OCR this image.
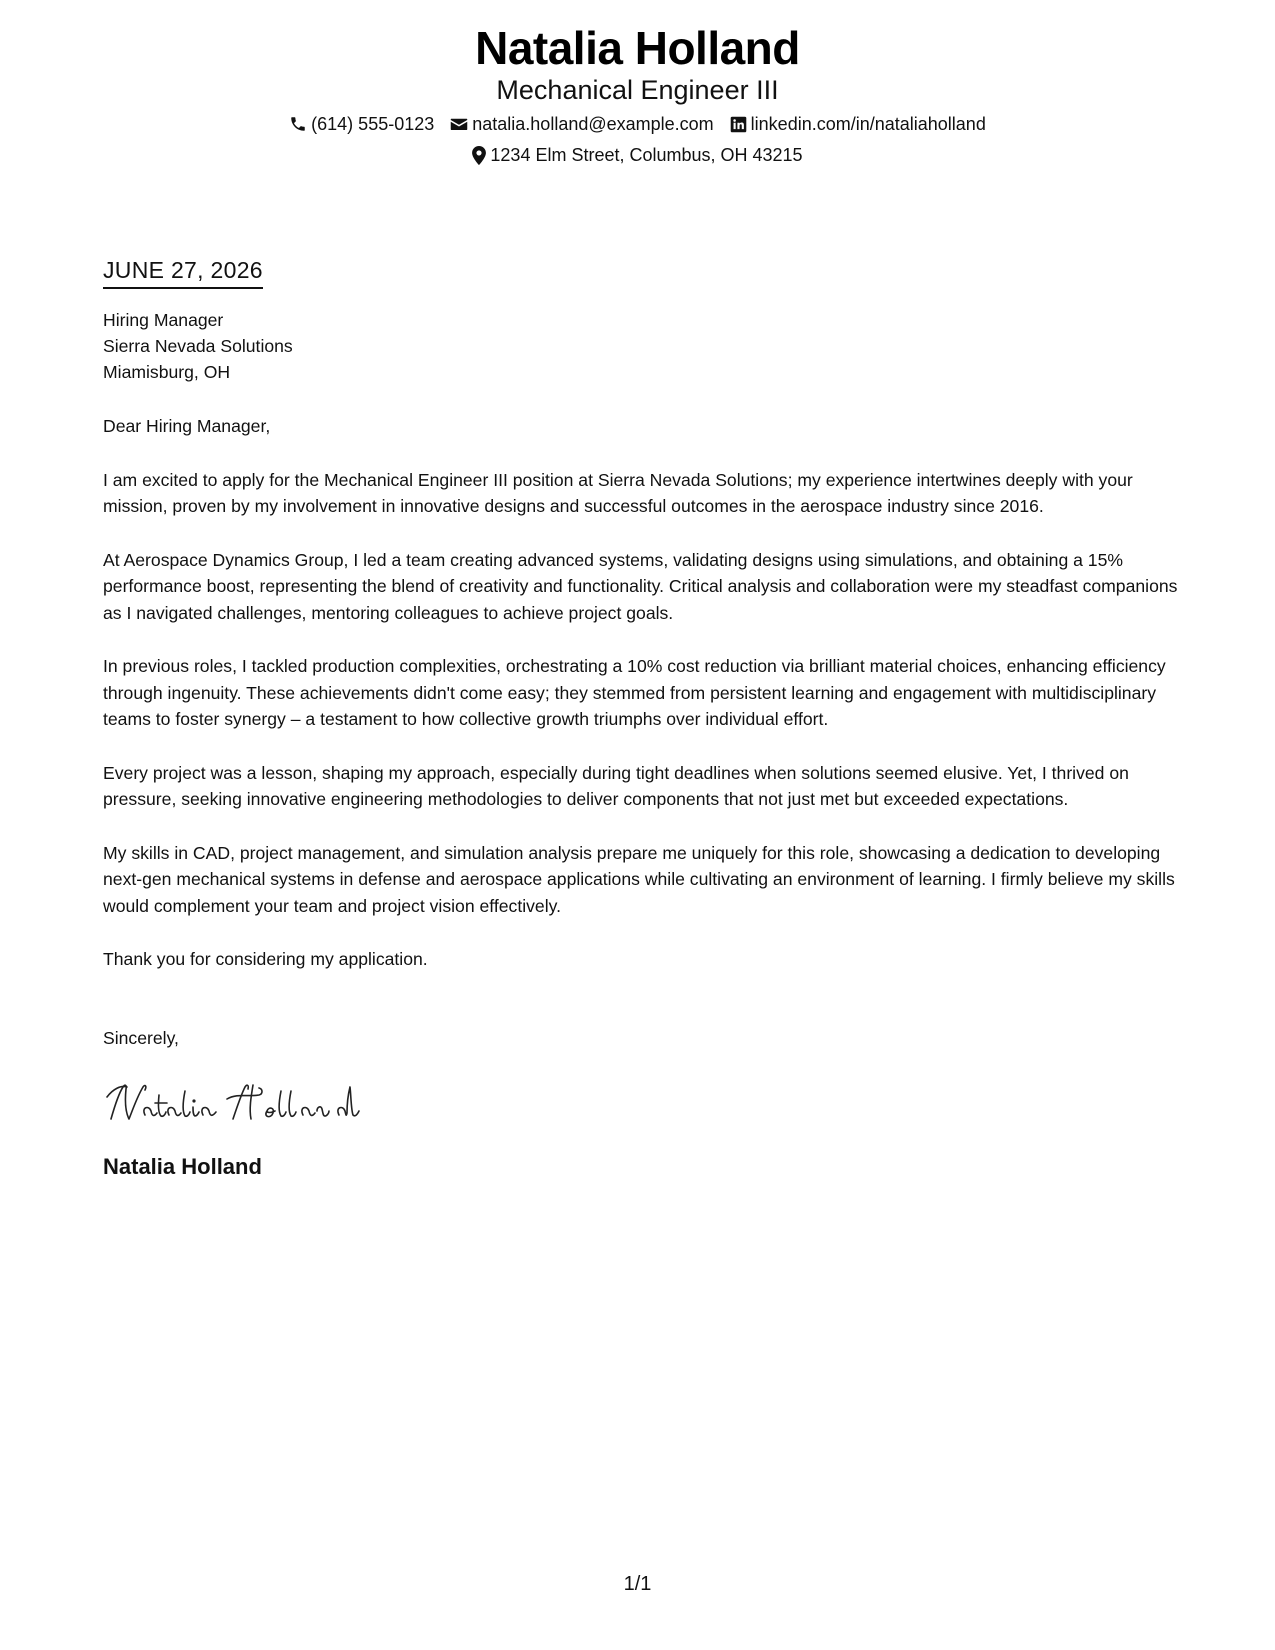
Natalia Holland
Mechanical Engineer III
(614) 555-0123 natalia.holland@example.com linkedin.com/in/nataliaholland
1234 Elm Street, Columbus, OH 43215
JUNE 27, 2026
Hiring Manager
Sierra Nevada Solutions
Miamisburg, OH

Dear Hiring Manager,

I am excited to apply for the Mechanical Engineer III position at Sierra Nevada Solutions; my experience intertwines deeply with your mission, proven by my involvement in innovative designs and successful outcomes in the aerospace industry since 2016.

At Aerospace Dynamics Group, I led a team creating advanced systems, validating designs using simulations, and obtaining a 15% performance boost, representing the blend of creativity and functionality. Critical analysis and collaboration were my steadfast companions as I navigated challenges, mentoring colleagues to achieve project goals.

In previous roles, I tackled production complexities, orchestrating a 10% cost reduction via brilliant material choices, enhancing efficiency through ingenuity. These achievements didn't come easy; they stemmed from persistent learning and engagement with multidisciplinary teams to foster synergy – a testament to how collective growth triumphs over individual effort.

Every project was a lesson, shaping my approach, especially during tight deadlines when solutions seemed elusive. Yet, I thrived on pressure, seeking innovative engineering methodologies to deliver components that not just met but exceeded expectations.

My skills in CAD, project management, and simulation analysis prepare me uniquely for this role, showcasing a dedication to developing next-gen mechanical systems in defense and aerospace applications while cultivating an environment of learning. I firmly believe my skills would complement your team and project vision effectively.

Thank you for considering my application.

Sincerely,

Natalia Holland
1/1
